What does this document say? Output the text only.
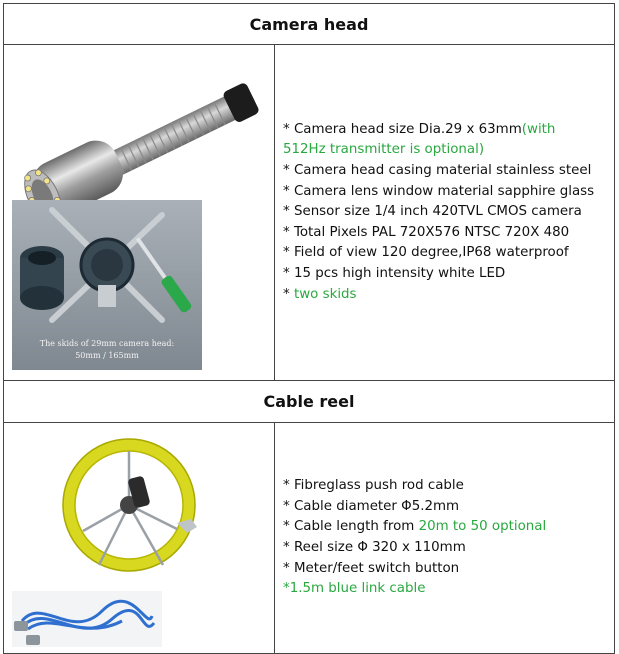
Camera head
The skids of 29mm camera head:
50mm / 165mm
* Camera head size Dia.29 x 63mm(with
512Hz transmitter is optional)
* Camera head casing material stainless steel
* Camera lens window material sapphire glass
* Sensor size 1/4 inch 420TVL CMOS camera
* Total Pixels PAL 720X576 NTSC 720X 480
* Field of view 120 degree,IP68 waterproof
* 15 pcs high intensity white LED
* two skids
Cable reel
* Fibreglass push rod cable
* Cable diameter Φ5.2mm
* Cable length from 20m to 50 optional
* Reel size Φ 320 x 110mm
* Meter/feet switch button
*1.5m blue link cable
